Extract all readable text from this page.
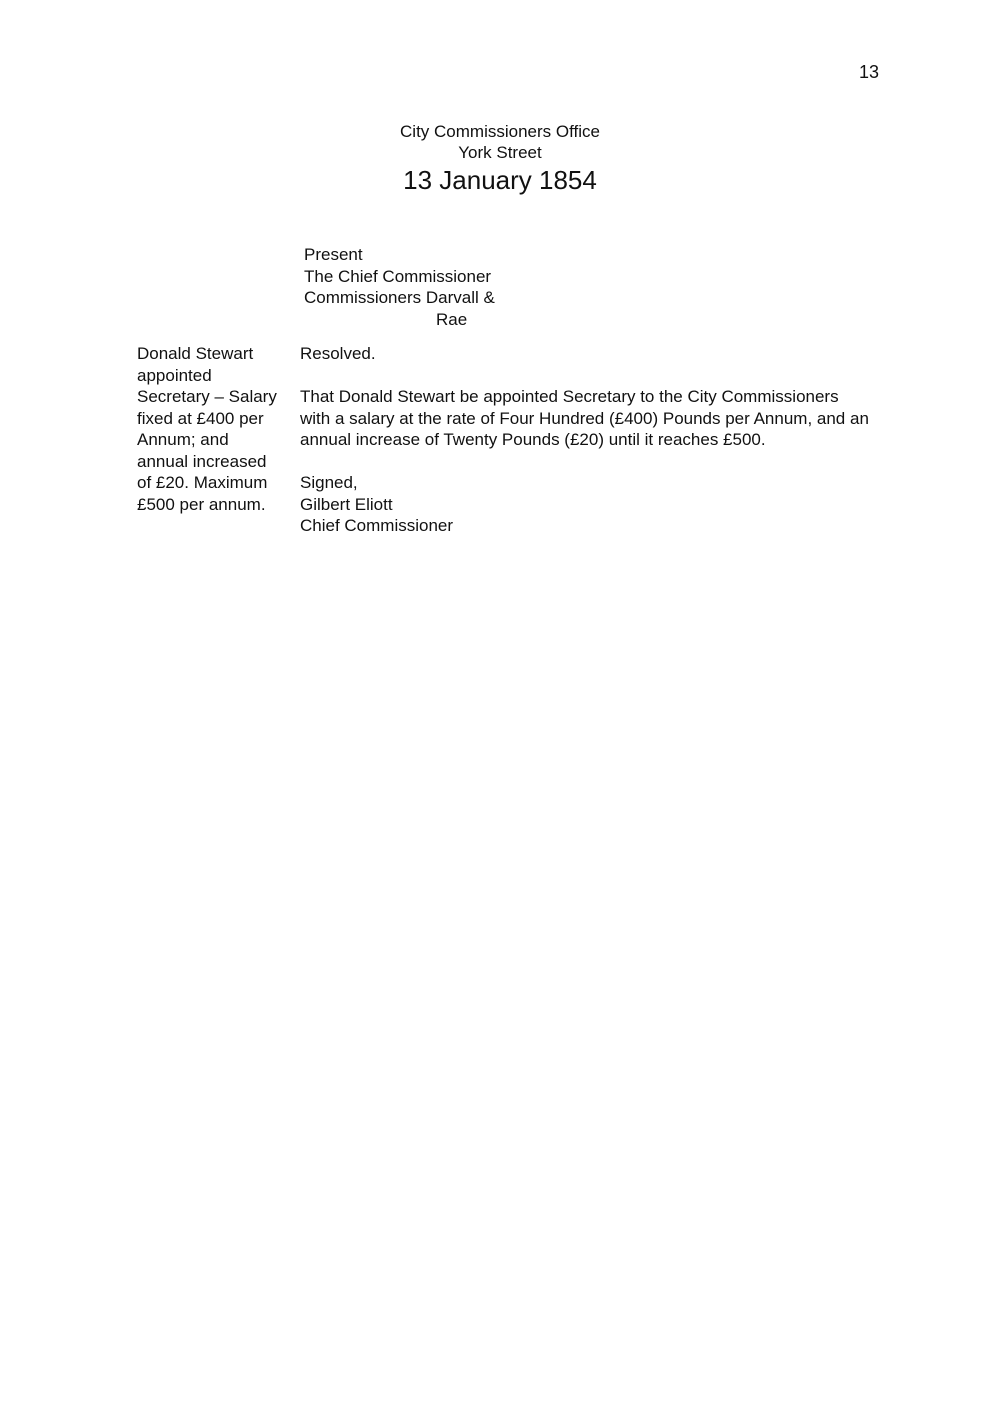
13
City Commissioners Office
York Street
13 January 1854
Present
The Chief Commissioner
Commissioners Darvall &
Rae
Donald Stewart
appointed
Secretary – Salary
fixed at £400 per
Annum; and
annual increased
of £20. Maximum
£500 per annum.
Resolved.
That Donald Stewart be appointed Secretary to the City Commissioners
with a salary at the rate of Four Hundred (£400) Pounds per Annum, and an
annual increase of Twenty Pounds (£20) until it reaches £500.
Signed,
Gilbert Eliott
Chief Commissioner
